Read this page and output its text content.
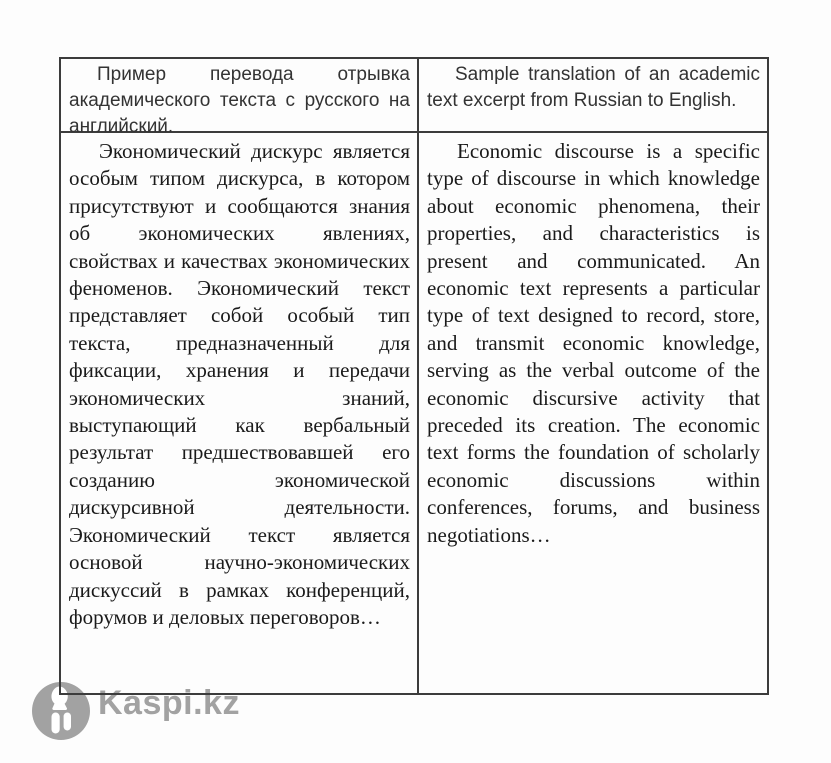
Пример перевода отрывка академического текста с русского на английский.
Sample translation of an academic text excerpt from Russian to English.
Экономический дискурс является особым типом дискурса, в котором присутствуют и сообщаются знания об экономических явлениях, свойствах и качествах экономических феноменов. Экономический текст представляет собой особый тип текста, предназначенный для фиксации, хранения и передачи экономических знаний, выступающий как вербальный результат предшествовавшей его созданию экономической дискурсивной деятельности. Экономический текст является основой научно-экономических дискуссий в рамках конференций, форумов и деловых переговоров…
Economic discourse is a specific type of discourse in which knowledge about economic phenomena, their properties, and characteristics is present and communicated. An economic text represents a particular type of text designed to record, store, and transmit economic knowledge, serving as the verbal outcome of the economic discursive activity that preceded its creation. The economic text forms the foundation of scholarly economic discussions within conferences, forums, and business negotiations…
Kaspi.kz
